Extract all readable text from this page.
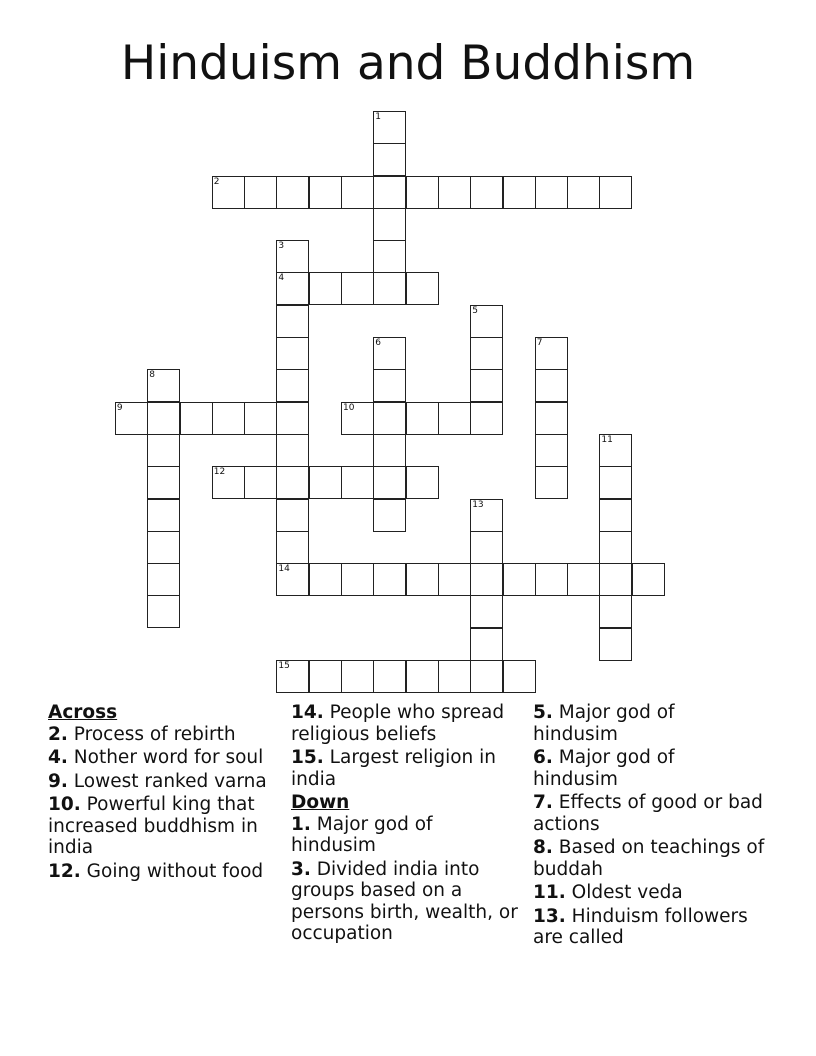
Hinduism and Buddhism
1
2
3
4
14
5
6	7
8
9	10
11
12
13
15
Across
2. Process of rebirth
4. Nother word for soul
9. Lowest ranked varna
10. Powerful king that increased buddhism in india
12. Going without food
14. People who spread religious beliefs
15. Largest religion in india
Down
1. Major god of hindusim
3. Divided india into groups based on a persons birth, wealth, or occupation
5. Major god of hindusim
6. Major god of hindusim
7. Effects of good or bad actions
8. Based on teachings of buddah
11. Oldest veda
13. Hinduism followers are called
